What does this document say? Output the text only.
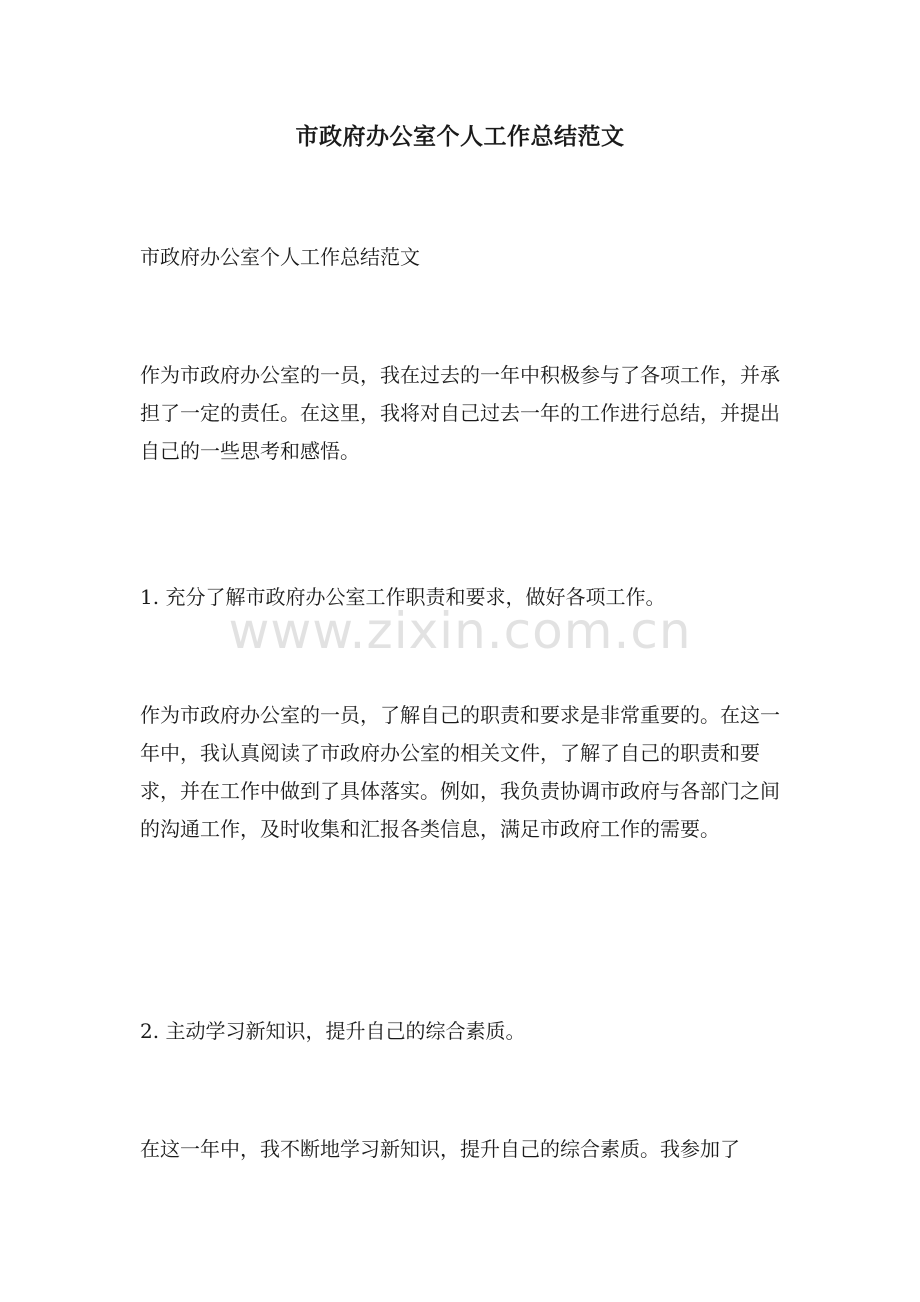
市政府办公室个人工作总结范文

市政府办公室个人工作总结范文

作为市政府办公室的一员，我在过去的一年中积极参与了各项工作，并承担了一定的责任。在这里，我将对自己过去一年的工作进行总结，并提出自己的一些思考和感悟。

1. 充分了解市政府办公室工作职责和要求，做好各项工作。

www.zixin.com.cn

作为市政府办公室的一员，了解自己的职责和要求是非常重要的。在这一年中，我认真阅读了市政府办公室的相关文件，了解了自己的职责和要求，并在工作中做到了具体落实。例如，我负责协调市政府与各部门之间的沟通工作，及时收集和汇报各类信息，满足市政府工作的需要。

2. 主动学习新知识，提升自己的综合素质。

在这一年中，我不断地学习新知识，提升自己的综合素质。我参加了
